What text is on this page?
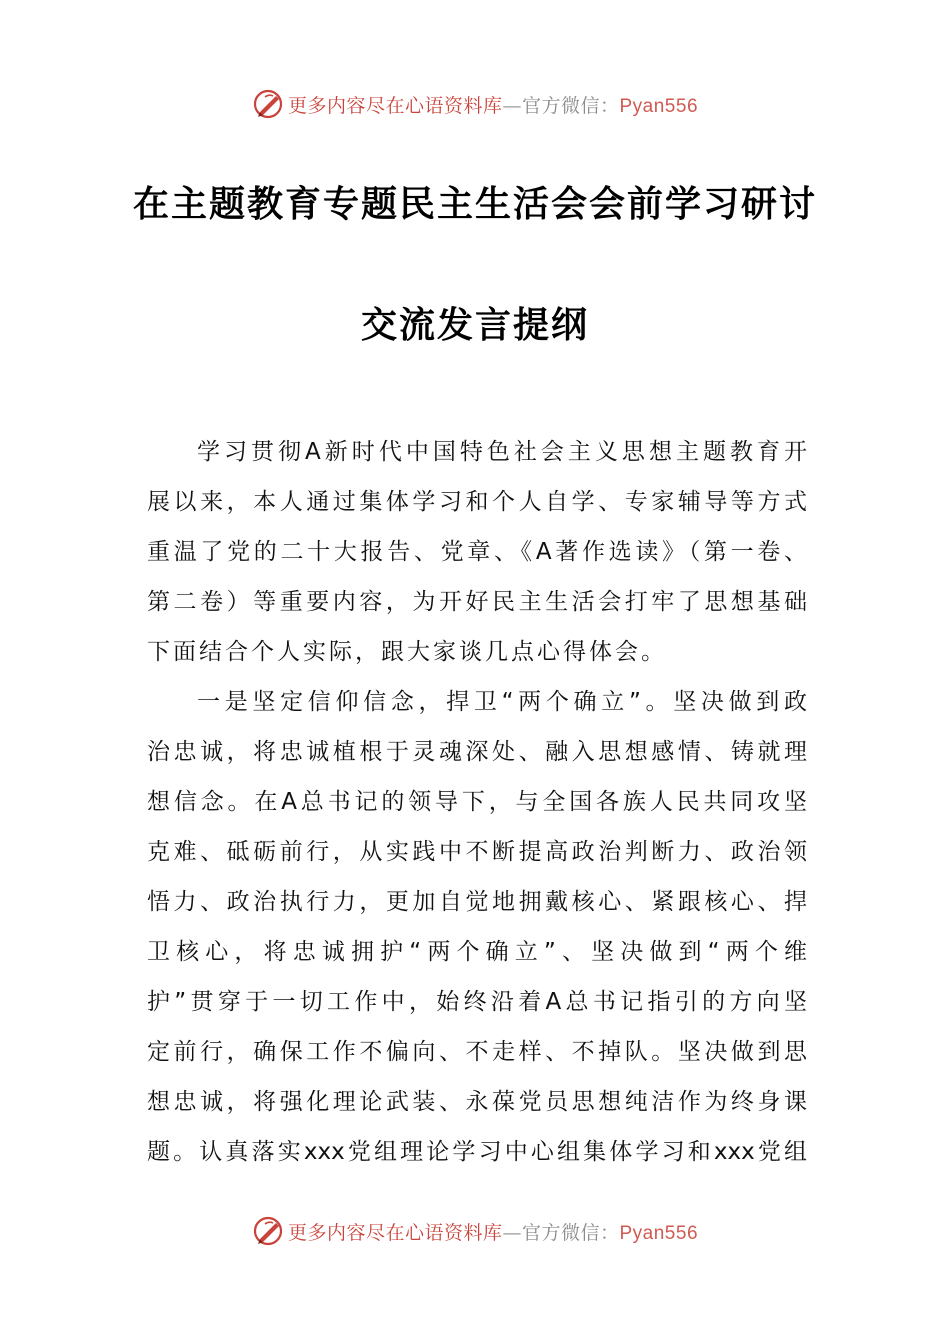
更多内容尽在心语资料库—官方微信：Pyan556
在主题教育专题民主生活会会前学习研讨
交流发言提纲
学习贯彻A新时代中国特色社会主义思想主题教育开
展以来，本人通过集体学习和个人自学、专家辅导等方式
重温了党的二十大报告、党章、《A著作选读》（第一卷、
第二卷）等重要内容，为开好民主生活会打牢了思想基础
下面结合个人实际，跟大家谈几点心得体会。
一是坚定信仰信念，捍卫“两个确立”。坚决做到政
治忠诚，将忠诚植根于灵魂深处、融入思想感情、铸就理
想信念。在A总书记的领导下，与全国各族人民共同攻坚
克难、砥砺前行，从实践中不断提高政治判断力、政治领
悟力、政治执行力，更加自觉地拥戴核心、紧跟核心、捍
卫核心，将忠诚拥护“两个确立”、坚决做到“两个维
护”贯穿于一切工作中，始终沿着A总书记指引的方向坚
定前行，确保工作不偏向、不走样、不掉队。坚决做到思
想忠诚，将强化理论武装、永葆党员思想纯洁作为终身课
题。认真落实xxx党组理论学习中心组集体学习和xxx党组
更多内容尽在心语资料库—官方微信：Pyan556
